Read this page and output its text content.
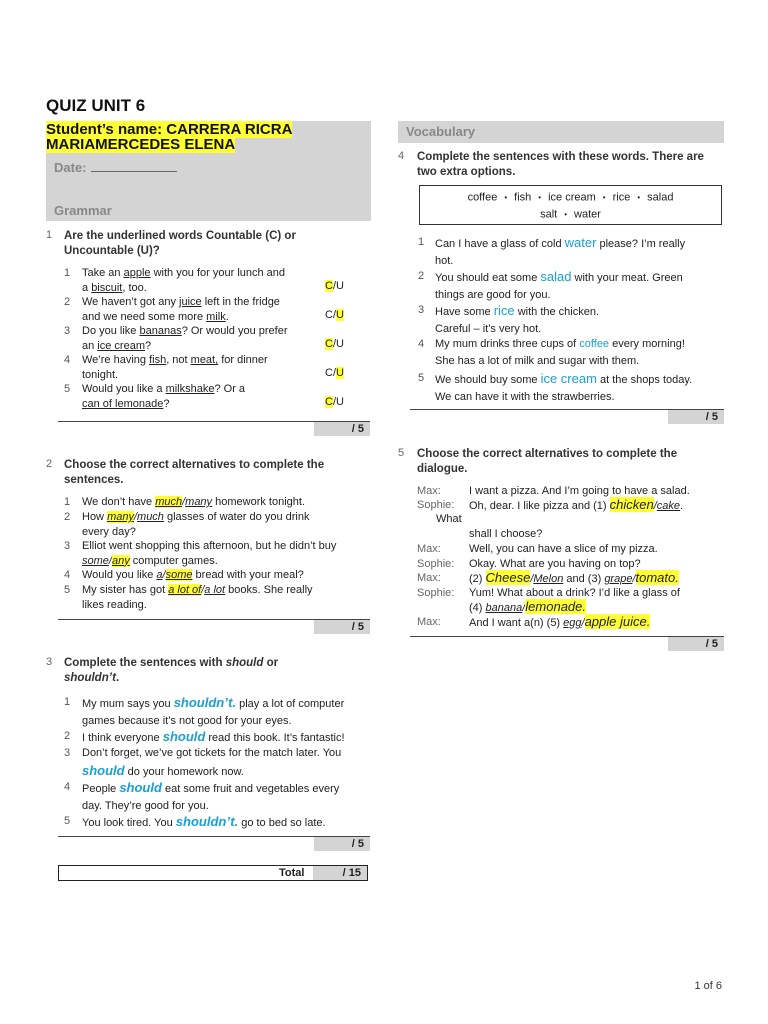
QUIZ UNIT 6
Student’s name: CARRERA RICRA MARIAMERCEDES ELENA
Date:
Grammar
1 Are the underlined words Countable (C) or Uncountable (U)?
1 Take an apple with you for your lunch and
a biscuit, too.	C/U
2 We haven’t got any juice left in the fridge
and we need some more milk.	C/U
3 Do you like bananas? Or would you prefer
an ice cream?	C/U
4 We’re having fish, not meat, for dinner
tonight.	C/U
5 Would you like a milkshake? Or a
can of lemonade?	C/U
/ 5
2 Choose the correct alternatives to complete the sentences.
1 We don’t have much/many homework tonight.
2 How many/much glasses of water do you drink
every day?
3 Elliot went shopping this afternoon, but he didn’t buy
some/any computer games.
4 Would you like a/some bread with your meal?
5 My sister has got a lot of/a lot books. She really
likes reading.
/ 5
3 Complete the sentences with should or
shouldn’t.
1 My mum says you shouldn’t. play a lot of computer
games because it’s not good for your eyes.
2 I think everyone should read this book. It’s fantastic!
3 Don’t forget, we’ve got tickets for the match later. You
should do your homework now.
4 People should eat some fruit and vegetables every
day. They’re good for you.
5 You look tired. You shouldn’t. go to bed so late.
/ 5
Total	/ 15
Vocabulary
4 Complete the sentences with these words. There are two extra options.
coffee • fish • ice cream • rice • salad
salt • water
1 Can I have a glass of cold water please? I’m really
hot.
2 You should eat some salad with your meat. Green
things are good for you.
3 Have some rice with the chicken.
Careful – it’s very hot.
4 My mum drinks three cups of coffee every morning!
She has a lot of milk and sugar with them.
5 We should buy some ice cream at the shops today.
We can have it with the strawberries.
/ 5
5 Choose the correct alternatives to complete the dialogue.
Max:	I want a pizza. And I’m going to have a salad.
Sophie: Oh, dear. I like pizza and (1) chicken/cake.
What
shall I choose?
Max:	Well, you can have a slice of my pizza.
Sophie: Okay. What are you having on top?
Max:	(2) Cheese/Melon and (3) grape/tomato.
Sophie: Yum! What about a drink? I’d like a glass of
(4) banana/lemonade.
Max:	And I want a(n) (5) egg/apple juice.
/ 5
1 of 6
